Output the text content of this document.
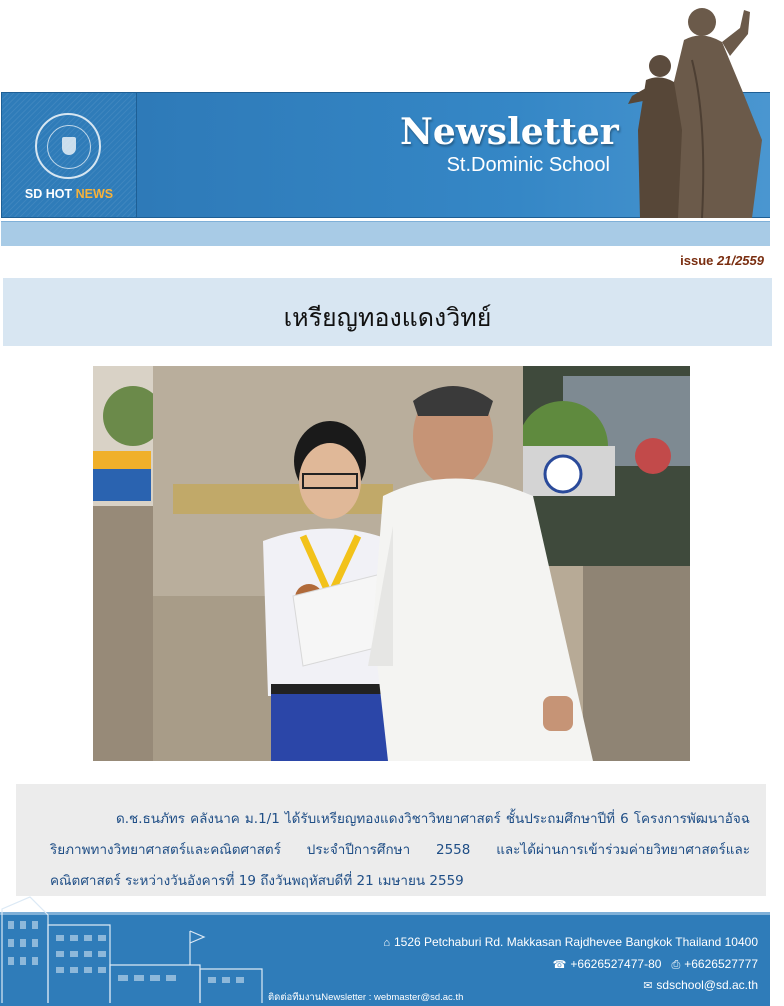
SD HOT NEWS
Newsletter
St.Dominic School
issue 21/2559
เหรียญทองแดงวิทย์
ด.ช.ธนภัทร คลังนาค ม.1/1 ได้รับเหรียญทองแดงวิชาวิทยาศาสตร์ ชั้นประถมศึกษาปีที่ 6 โครงการพัฒนาอัจฉริยภาพทางวิทยาศาสตร์และคณิตศาสตร์ ประจำปีการศึกษา 2558 และได้ผ่านการเข้าร่วมค่ายวิทยาศาสตร์และคณิตศาสตร์ ระหว่างวันอังคารที่ 19 ถึงวันพฤหัสบดีที่ 21 เมษายน 2559
⌂ 1526 Petchaburi Rd. Makkasan Rajdhevee Bangkok Thailand 10400
☎ +6626527477-80 ⎙ +6626527777
✉ sdschool@sd.ac.th
ติดต่อทีมงานNewsletter : webmaster@sd.ac.th
